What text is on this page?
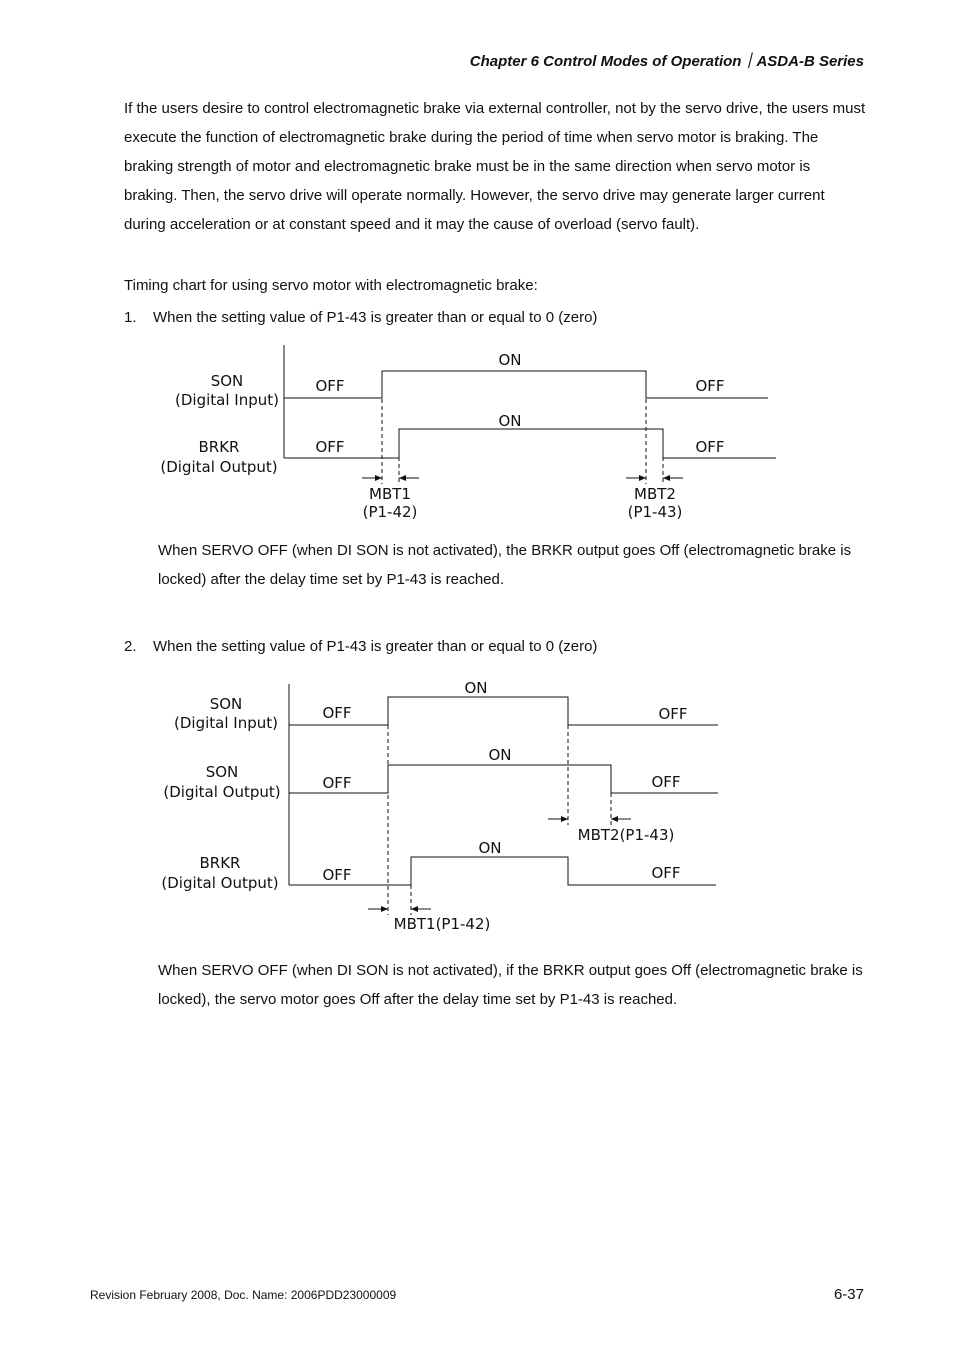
Chapter 6 Control Modes of Operation｜ASDA-B Series

If the users desire to control electromagnetic brake via external controller, not by the servo drive, the users must execute the function of electromagnetic brake during the period of time when servo motor is braking. The braking strength of motor and electromagnetic brake must be in the same direction when servo motor is braking. Then, the servo drive will operate normally. However, the servo drive may generate larger current during acceleration or at constant speed and it may the cause of overload (servo fault).

Timing chart for using servo motor with electromagnetic brake:

1. When the setting value of P1-43 is greater than or equal to 0 (zero)
SON
(Digital Input)
BRKR
(Digital Output)
ON
OFF	OFF
ON
OFF	OFF
MBT1
(P1-42)
MBT2
(P1-43)

When SERVO OFF (when DI SON is not activated), the BRKR output goes Off (electromagnetic brake is locked) after the delay time set by P1-43 is reached.

2. When the setting value of P1-43 is greater than or equal to 0 (zero)
SON
(Digital Input)
SON
(Digital Output)
BRKR
(Digital Output)
ON
OFF	OFF
ON
OFF	OFF
ON
OFF	OFF
MBT2(P1-43)
MBT1(P1-42)

When SERVO OFF (when DI SON is not activated), if the BRKR output goes Off (electromagnetic brake is locked), the servo motor goes Off after the delay time set by P1-43 is reached.

Revision February 2008, Doc. Name: 2006PDD23000009	6-37
